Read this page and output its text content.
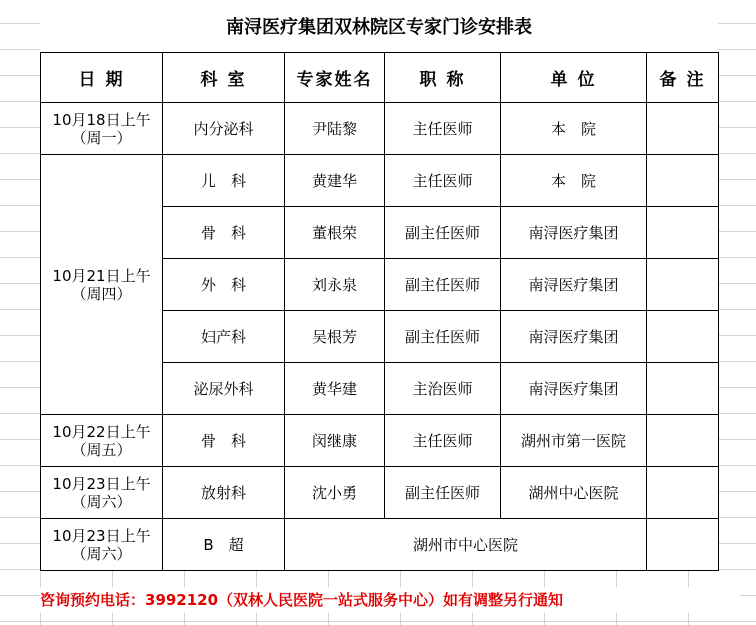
南浔医疗集团双林院区专家门诊安排表
日 期	科 室	专家姓名	职 称	单 位	备 注

10月18日上午
（周一）	内分泌科	尹陆黎	主任医师	本　院	

10月21日上午
（周四）	儿　科	黄建华	主任医师	本　院	
	骨　科	董根荣	副主任医师	南浔医疗集团	
	外　科	刘永泉	副主任医师	南浔医疗集团	
	妇产科	吴根芳	副主任医师	南浔医疗集团	
	泌尿外科	黄华建	主治医师	南浔医疗集团	

10月22日上午
（周五）	骨　科	闵继康	主任医师	湖州市第一医院	

10月23日上午
（周六）	放射科	沈小勇	副主任医师	湖州中心医院	

10月23日上午
（周六）	B　超	湖州市中心医院			
咨询预约电话：3992120（双林人民医院一站式服务中心）如有调整另行通知
